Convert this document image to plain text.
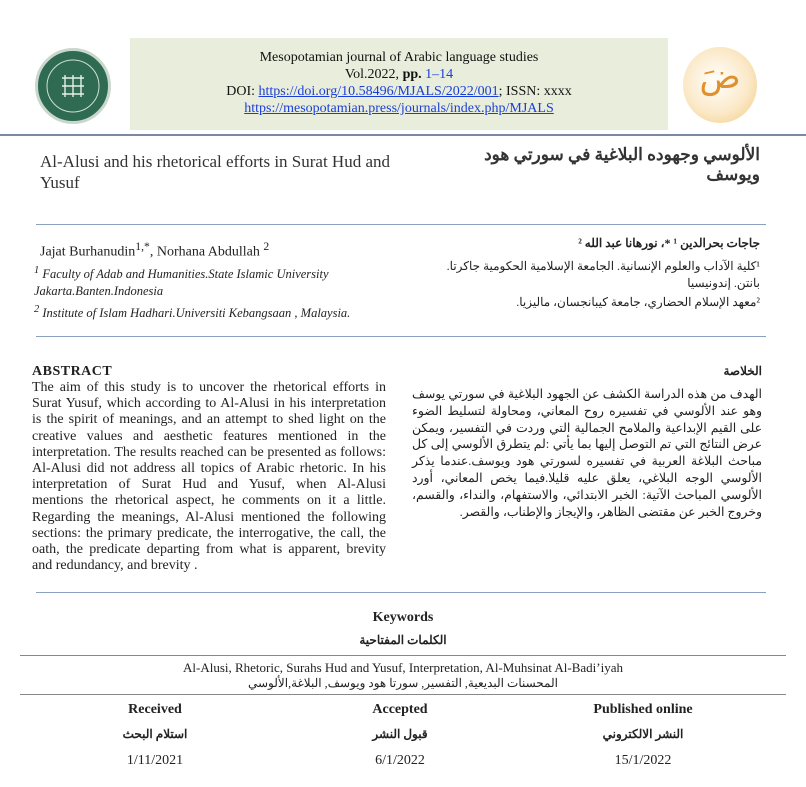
Mesopotamian journal of Arabic language studies
Vol.2022, pp. 1–14
DOI: https://doi.org/10.58496/MJALS/2022/001; ISSN: xxxx
https://mesopotamian.press/journals/index.php/MJALS
ضَ
Al-Alusi and his rhetorical efforts in Surat Hud and Yusuf
الألوسي وجهوده البلاغية في سورتي هود ويوسف
Jajat Burhanudin$^{1,*}$, Norhana Abdullah $^2$
$^1$ Faculty of Adab and Humanities.State Islamic University Jakarta.Banten.Indonesia
$^2$ Institute of Islam Hadhari.Universiti Kebangsaan , Malaysia.
جاجات بحرالدين ¹ *، نورهانا عبد الله ²
¹كلية الآداب والعلوم الإنسانية. الجامعة الإسلامية الحكومية جاكرتا. بانتن. إندونيسيا
²معهد الإسلام الحضاري، جامعة كيبانجسان، ماليزيا.
ABSTRACT
The aim of this study is to uncover the rhetorical efforts in Surat Yusuf, which according to Al-Alusi in his interpretation is the spirit of meanings, and an attempt to shed light on the creative values and aesthetic features mentioned in the interpretation. The results reached can be presented as follows: Al-Alusi did not address all topics of Arabic rhetoric. In his interpretation of Surat Hud and Yusuf, when Al-Alusi mentions the rhetorical aspect, he comments on it a little. Regarding the meanings, Al-Alusi mentioned the following sections: the primary predicate, the interrogative, the call, the oath, the predicate departing from what is apparent, brevity and redundancy, and brevity .
الخلاصة
الهدف من هذه الدراسة الكشف عن الجهود البلاغية في سورتي يوسف وهو عند الألوسي في تفسيره روح المعاني، ومحاولة لتسليط الضوء على القيم الإبداعية والملامح الجمالية التي وردت في التفسير، ويمكن عرض النتائج التي تم التوصل إليها بما يأتي :لم يتطرق الألوسي إلى كل مباحث البلاغة العربية في تفسيره لسورتي هود ويوسف.عندما يذكر الألوسي الوجه البلاغي، يعلق عليه قليلا.فيما يخص المعاني، أورد الألوسي المباحث الآتية: الخبر الابتدائي، والاستفهام، والنداء، والقسم، وخروج الخبر عن مقتضى الظاهر، والإيجاز والإطناب، والقصر.
Keywords
الكلمات المفتاحية
Al-Alusi, Rhetoric, Surahs Hud and Yusuf, Interpretation, Al-Muhsinat Al-Badi’iyah
المحسنات البديعية, التفسير, سورتا هود ويوسف, البلاغة,الألوسي
Received	Accepted	Published online
استلام البحث	قبول النشر	النشر الالكتروني
1/11/2021	6/1/2022	15/1/2022
